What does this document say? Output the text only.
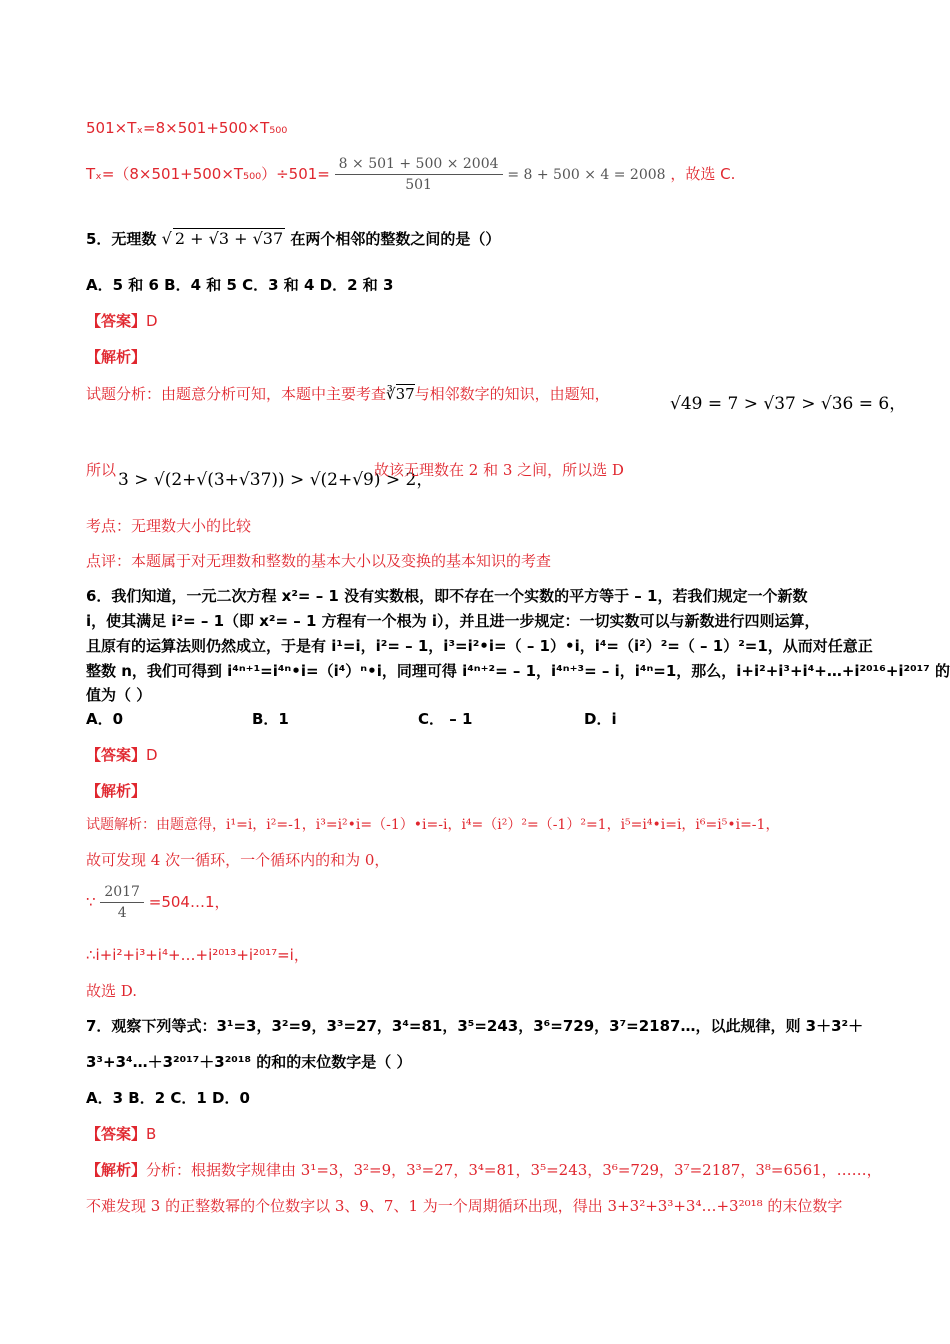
501×Tₓ=8×501+500×T₅₀₀
$T_x=(8\times 501+500\times T_{500})\div 501= \frac{8 \times 501 + 500 \times 2004}{501} = 8 + 500 \times 4 = 2008$ ，故选 C.
5．无理数 √ 2 + √3 + √37 在两个相邻的整数之间的是（）
A．5 和 6 B．4 和 5 C．3 和 4 D．2 和 3
【答案】D
【解析】
试题分析：由题意分析可知，本题中主要考查∛37与相邻数字的知识，由题知，	√49 = 7 > √37 > √36 = 6，
所以 3 > √(2+√(3+√37)) > √(2+√9) > 2，
故该无理数在 2 和 3 之间，所以选 D
考点：无理数大小的比较
点评：本题属于对无理数和整数的基本大小以及变换的基本知识的考查
6．我们知道，一元二次方程 x²= – 1 没有实数根，即不存在一个实数的平方等于 – 1，若我们规定一个新数
i，使其满足 i²= – 1（即 x²= – 1 方程有一个根为 i），并且进一步规定：一切实数可以与新数进行四则运算，
且原有的运算法则仍然成立，于是有 i¹=i，i²= – 1，i³=i²•i=（ – 1）•i，i⁴=（i²）²=（ – 1）²=1，从而对任意正
整数 n，我们可得到 i⁴ⁿ⁺¹=i⁴ⁿ•i=（i⁴）ⁿ•i，同理可得 i⁴ⁿ⁺²= – 1，i⁴ⁿ⁺³= – i，i⁴ⁿ=1，那么，i+i²+i³+i⁴+…+i²⁰¹⁶+i²⁰¹⁷ 的
值为（ ）
A．0	B．1	C． – 1	D．i
【答案】D
【解析】
试题解析：由题意得，i¹=i，i²=-1，i³=i²•i=（-1）•i=-i，i⁴=（i²）²=（-1）²=1，i⁵=i⁴•i=i，i⁶=i⁵•i=-1，
故可发现 4 次一循环，一个循环内的和为 0，
∵ $\frac{2017}{4}$ =504…1，
∴i+i²+i³+i⁴+…+i²⁰¹³+i²⁰¹⁷=i，
故选 D.
7．观察下列等式：3¹=3，3²=9，3³=27，3⁴=81，3⁵=243，3⁶=729，3⁷=2187…，以此规律，则 3＋3²＋
3³+3⁴…＋3²⁰¹⁷＋3²⁰¹⁸ 的和的末位数字是（ ）
A．3 B．2 C．1 D．0
【答案】B
【解析】分析：根据数字规律由 3¹=3，3²=9，3³=27，3⁴=81，3⁵=243，3⁶=729，3⁷=2187，3⁸=6561，……，
不难发现 3 的正整数幂的个位数字以 3、9、7、1 为一个周期循环出现，得出 3+3²+3³+3⁴…+3²⁰¹⁸ 的末位数字
